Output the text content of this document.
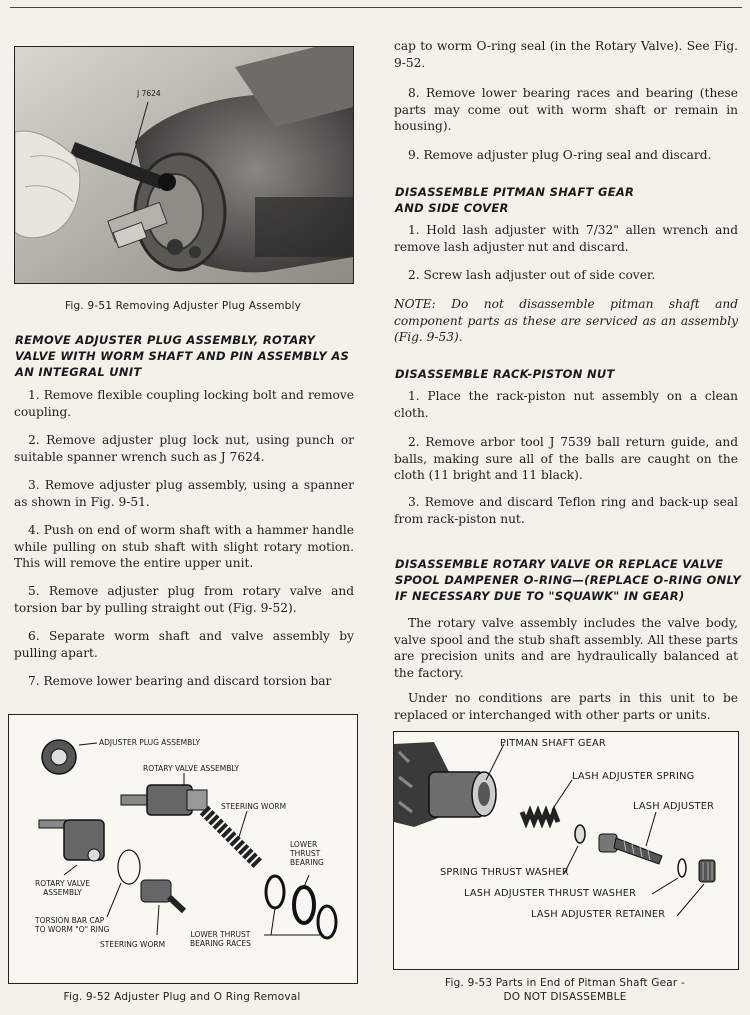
J 7624
Fig. 9-51 Removing Adjuster Plug Assembly
REMOVE ADJUSTER PLUG ASSEMBLY, ROTARY VALVE WITH WORM SHAFT AND PIN ASSEMBLY AS AN INTEGRAL UNIT
1. Remove flexible coupling locking bolt and remove coupling.
2. Remove adjuster plug lock nut, using punch or suitable spanner wrench such as J 7624.
3. Remove adjuster plug assembly, using a spanner as shown in Fig. 9-51.
4. Push on end of worm shaft with a hammer handle while pulling on stub shaft with slight rotary motion. This will remove the entire upper unit.
5. Remove adjuster plug from rotary valve and torsion bar by pulling straight out (Fig. 9-52).
6. Separate worm shaft and valve assembly by pulling apart.
7. Remove lower bearing and discard torsion bar
ADJUSTER PLUG ASSEMBLY
ROTARY VALVE ASSEMBLY
STEERING WORM
LOWER
THRUST
BEARING
ROTARY VALVE
ASSEMBLY
TORSION BAR CAP
TO WORM "O" RING
STEERING WORM
LOWER THRUST
BEARING RACES
Fig. 9-52 Adjuster Plug and O Ring Removal
cap to worm O-ring seal (in the Rotary Valve). See Fig. 9-52.
8. Remove lower bearing races and bearing (these parts may come out with worm shaft or remain in housing).
9. Remove adjuster plug O-ring seal and discard.
DISASSEMBLE PITMAN SHAFT GEAR AND SIDE COVER
1. Hold lash adjuster with 7/32" allen wrench and remove lash adjuster nut and discard.
2. Screw lash adjuster out of side cover.
NOTE: Do not disassemble pitman shaft and component parts as these are serviced as an assembly (Fig. 9-53).
DISASSEMBLE RACK-PISTON NUT
1. Place the rack-piston nut assembly on a clean cloth.
2. Remove arbor tool J 7539 ball return guide, and balls, making sure all of the balls are caught on the cloth (11 bright and 11 black).
3. Remove and discard Teflon ring and back-up seal from rack-piston nut.
DISASSEMBLE ROTARY VALVE OR REPLACE VALVE SPOOL DAMPENER O-RING—(REPLACE O-RING ONLY IF NECESSARY DUE TO "SQUAWK" IN GEAR)
The rotary valve assembly includes the valve body, valve spool and the stub shaft assembly. All these parts are precision units and are hydraulically balanced at the factory.
Under no conditions are parts in this unit to be replaced or interchanged with other parts or units.
PITMAN SHAFT GEAR
LASH ADJUSTER SPRING
LASH ADJUSTER
SPRING THRUST WASHER
LASH ADJUSTER THRUST WASHER
LASH ADJUSTER RETAINER
Fig. 9-53 Parts in End of Pitman Shaft Gear -
DO NOT DISASSEMBLE
